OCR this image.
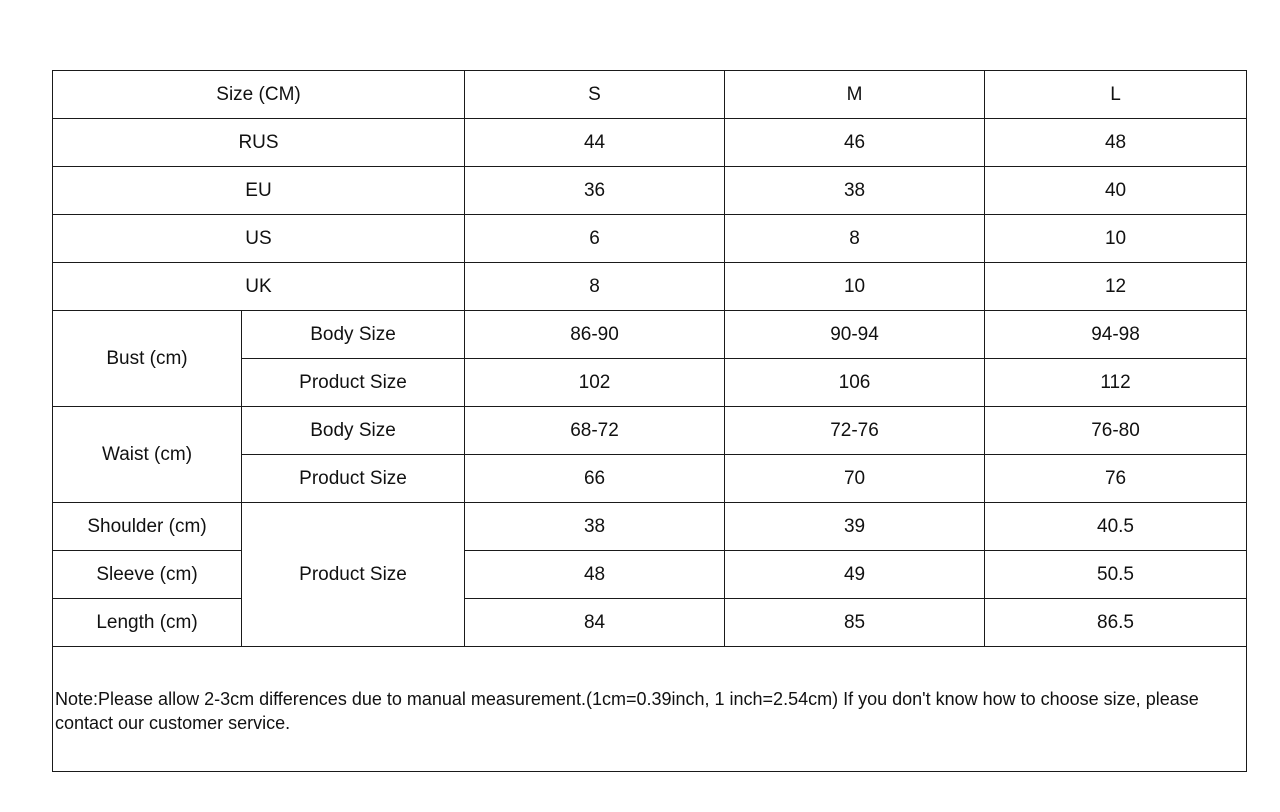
Size (CM)		S	M	L
RUS		44	46	48
EU		36	38	40
US		6	8	10
UK		8	10	12
Bust (cm)	Body Size	86-90	90-94	94-98
	Product Size	102	106	112
Waist (cm)	Body Size	68-72	72-76	76-80
	Product Size	66	70	76
Shoulder (cm)	Product Size	38	39	40.5
Sleeve (cm)		48	49	50.5
Length (cm)		84	85	86.5
Note:Please allow 2-3cm differences due to manual measurement.(1cm=0.39inch, 1 inch=2.54cm) If you don't know how to choose size, please contact our customer service.				
